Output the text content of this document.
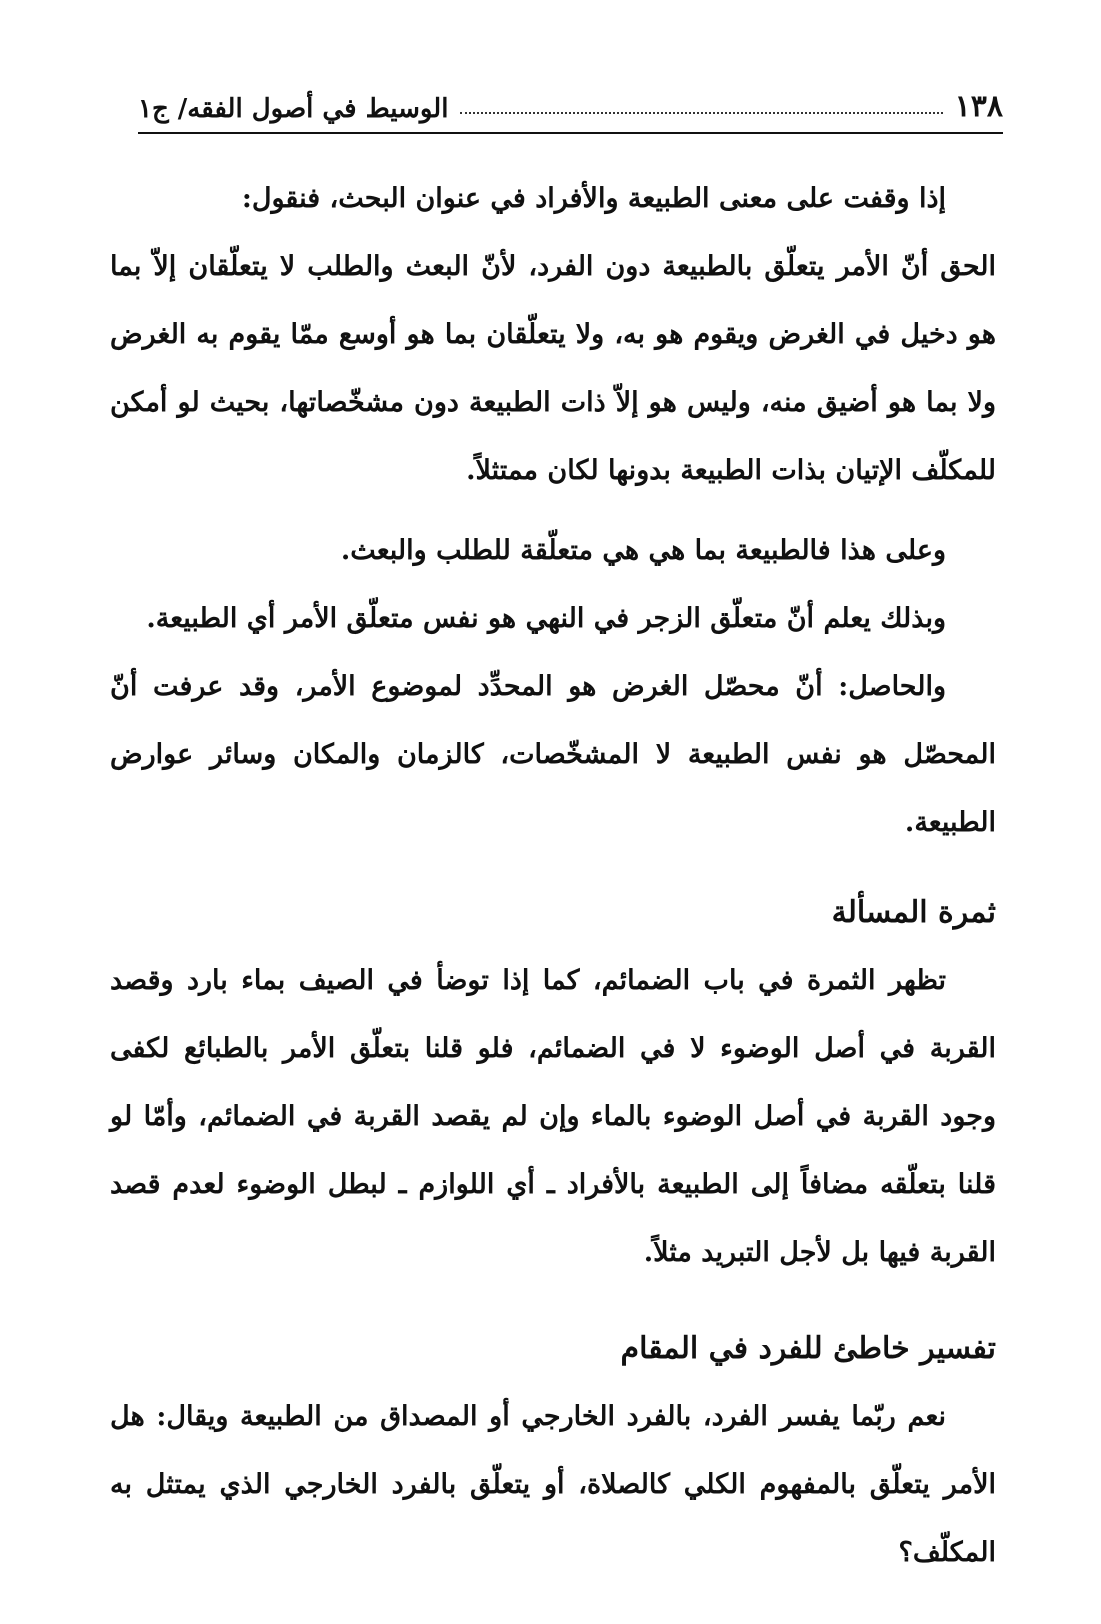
الوسيط في أصول الفقه/ ج١	١٣٨

إذا وقفت على معنى الطبيعة والأفراد في عنوان البحث، فنقول:

الحق أنّ الأمر يتعلّق بالطبيعة دون الفرد، لأنّ البعث والطلب لا يتعلّقان إلاّ بما هو دخيل في الغرض ويقوم هو به، ولا يتعلّقان بما هو أوسع ممّا يقوم به الغرض ولا بما هو أضيق منه، وليس هو إلاّ ذات الطبيعة دون مشخّصاتها، بحيث لو أمكن للمكلّف الإتيان بذات الطبيعة بدونها لكان ممتثلاً.

وعلى هذا فالطبيعة بما هي هي متعلّقة للطلب والبعث.

وبذلك يعلم أنّ متعلّق الزجر في النهي هو نفس متعلّق الأمر أي الطبيعة.

والحاصل: أنّ محصّل الغرض هو المحدِّد لموضوع الأمر، وقد عرفت أنّ المحصّل هو نفس الطبيعة لا المشخّصات، كالزمان والمكان وسائر عوارض الطبيعة.

ثمرة المسألة

تظهر الثمرة في باب الضمائم، كما إذا توضأ في الصيف بماء بارد وقصد القربة في أصل الوضوء لا في الضمائم، فلو قلنا بتعلّق الأمر بالطبائع لكفى وجود القربة في أصل الوضوء بالماء وإن لم يقصد القربة في الضمائم، وأمّا لو قلنا بتعلّقه مضافاً إلى الطبيعة بالأفراد ـ أي اللوازم ـ لبطل الوضوء لعدم قصد القربة فيها بل لأجل التبريد مثلاً.

تفسير خاطئ للفرد في المقام

نعم ربّما يفسر الفرد، بالفرد الخارجي أو المصداق من الطبيعة ويقال: هل الأمر يتعلّق بالمفهوم الكلي كالصلاة، أو يتعلّق بالفرد الخارجي الذي يمتثل به المكلّف؟
